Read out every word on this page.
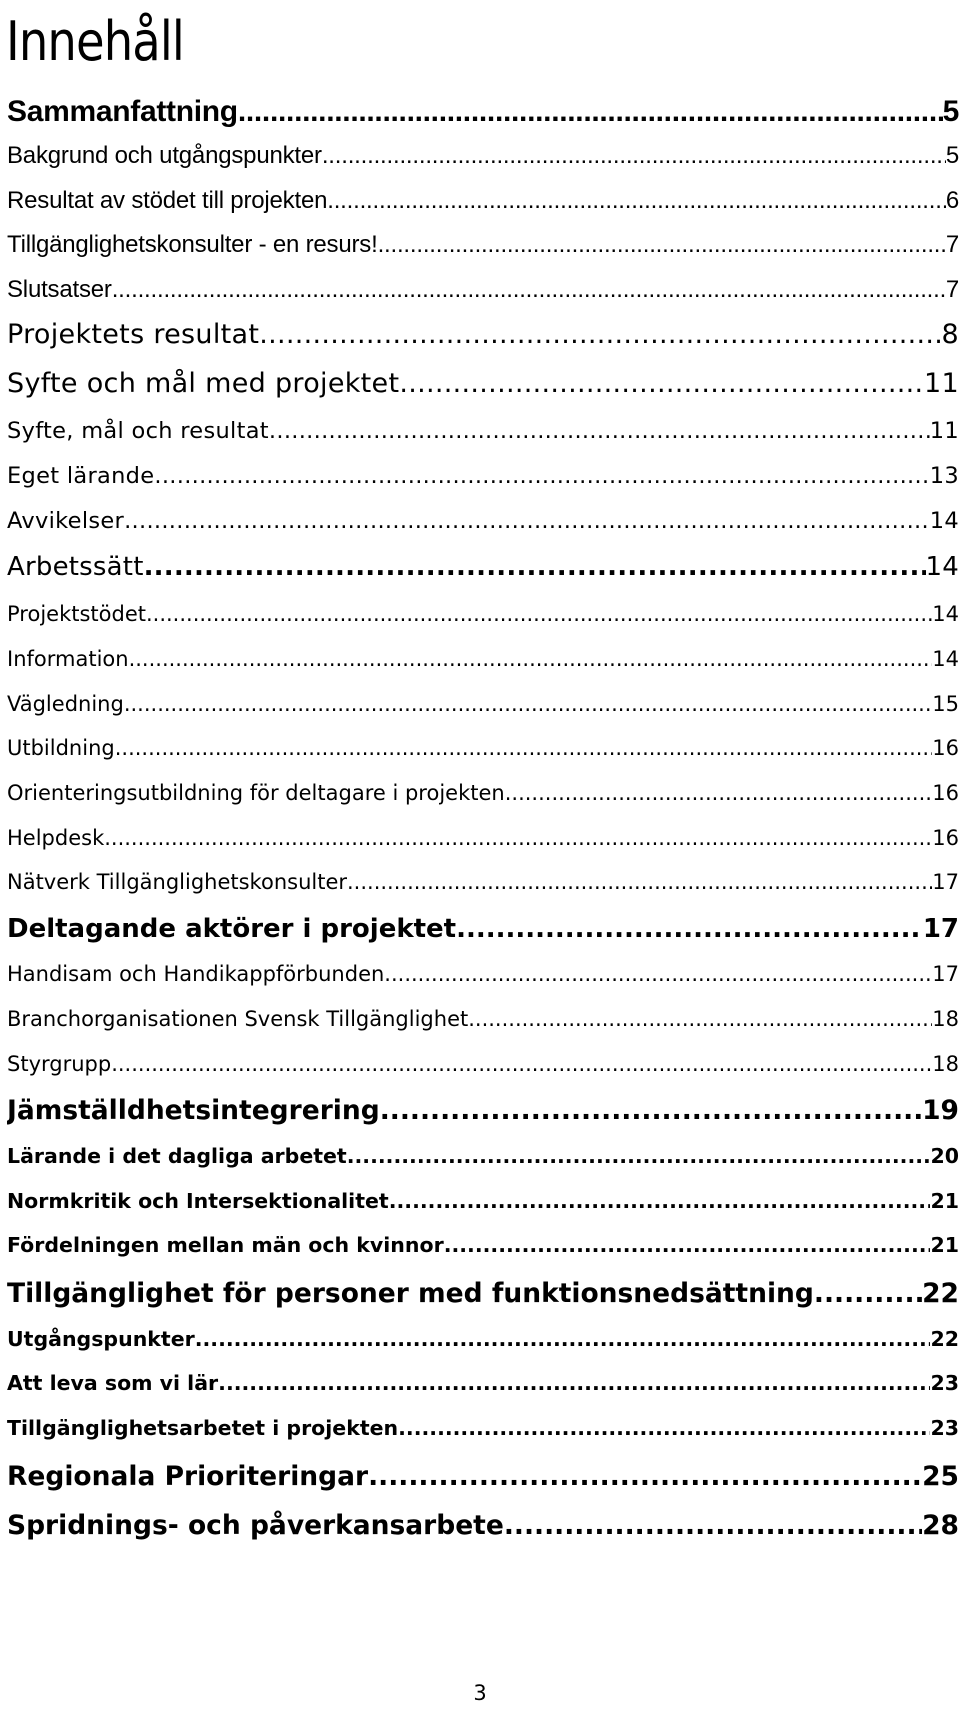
Innehåll
Sammanfattning .....	5
Bakgrund och utgångspunkter .....	5
Resultat av stödet till projekten .....	6
Tillgänglighetskonsulter - en resurs! .....	7
Slutsatser .....	7
Projektets resultat .....	8
Syfte och mål med projektet .....	11
Syfte, mål och resultat .....	11
Eget lärande .....	13
Avvikelser .....	14
Arbetssätt .....	14
Projektstödet .....	14
Information .....	14
Vägledning .....	15
Utbildning .....	16
Orienteringsutbildning för deltagare i projekten .....	16
Helpdesk .....	16
Nätverk Tillgänglighetskonsulter .....	17
Deltagande aktörer i projektet .....	17
Handisam och Handikappförbunden .....	17
Branchorganisationen Svensk Tillgänglighet .....	18
Styrgrupp .....	18
Jämställdhetsintegrering .....	19
Lärande i det dagliga arbetet .....	20
Normkritik och Intersektionalitet .....	21
Fördelningen mellan män och kvinnor .....	21
Tillgänglighet för personer med funktionsnedsättning .....	22
Utgångspunkter .....	22
Att leva som vi lär .....	23
Tillgänglighetsarbetet i projekten .....	23
Regionala Prioriteringar .....	25
Spridnings- och påverkansarbete .....	28
3
